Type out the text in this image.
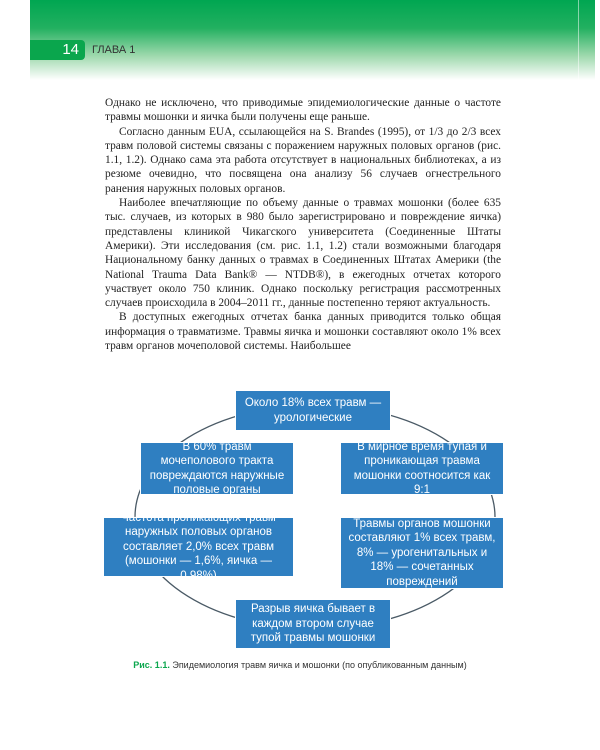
14	ГЛАВА 1

Однако не исключено, что приводимые эпидемиологические данные о частоте травмы мошонки и яичка были получены еще раньше.

Согласно данным EUA, ссылающейся на S. Brandes (1995), от 1/3 до 2/3 всех травм половой системы связаны с поражением наружных половых органов (рис. 1.1, 1.2). Однако сама эта работа отсутствует в национальных библиотеках, а из резюме очевидно, что посвящена она анализу 56 случаев огнестрельного ранения наружных половых органов.

Наиболее впечатляющие по объему данные о травмах мошонки (более 635 тыс. случаев, из которых в 980 было зарегистрировано и повреждение яичка) представлены клиникой Чикагского университета (Соединенные Штаты Америки). Эти исследования (см. рис. 1.1, 1.2) стали возможными благодаря Национальному банку данных о травмах в Соединенных Штатах Америки (the National Trauma Data Bank® — NTDB®), в ежегодных отчетах которого участвует около 750 клиник. Однако поскольку регистрация рассмотренных случаев происходила в 2004–2011 гг., данные постепенно теряют актуальность.

В доступных ежегодных отчетах банка данных приводится только общая информация о травматизме. Травмы яичка и мошонки составляют около 1% всех травм органов мочеполовой системы. Наибольшее

Около 18% всех травм — урологические
В 60% травм мочеполового тракта повреждаются наружные половые органы
В мирное время тупая и проникающая травма мошонки соотносится как 9:1
Частота проникающих травм наружных половых органов составляет 2,0% всех травм (мошонки — 1,6%, яичка — 0,98%)
Травмы органов мошонки составляют 1% всех травм, 8% — урогенитальных и 18% — сочетанных повреждений
Разрыв яичка бывает в каждом втором случае тупой травмы мошонки
Рис. 1.1. Эпидемиология травм яичка и мошонки (по опубликованным данным)
